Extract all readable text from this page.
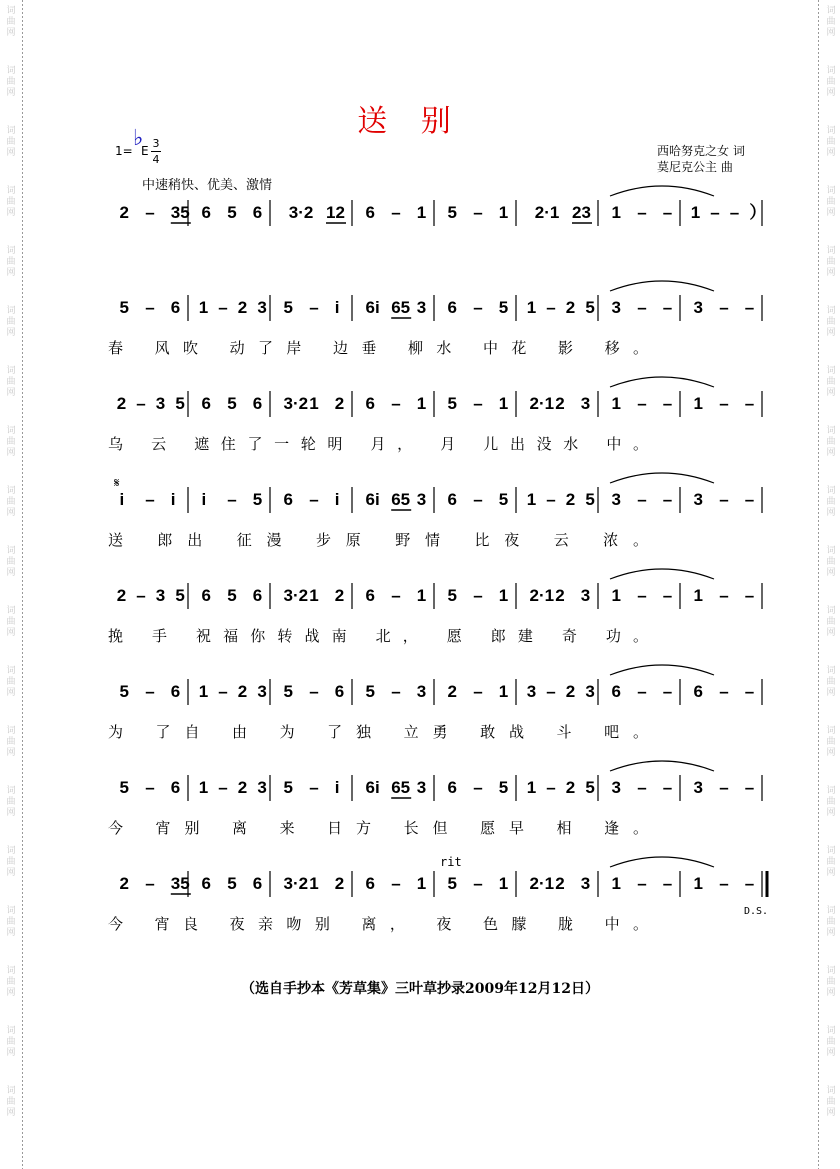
词
曲
网
词
曲
网
词
曲
网
词
曲
网
词
曲
网
词
曲
网
词
曲
网
词
曲
网
词
曲
网
词
曲
网
词
曲
网
词
曲
网
词
曲
网
词
曲
网
词
曲
网
词
曲
网
词
曲
网
词
曲
网
词
曲
网
词
曲
网
词
曲
网
词
曲
网
词
曲
网
词
曲
网
词
曲
网
词
曲
网
词
曲
网
词
曲
网
词
曲
网
词
曲
网
词
曲
网
词
曲
网
词
曲
网
词
曲
网
词
曲
网
词
曲
网
词
曲
网
词
曲
网
送 别
1= ♭
E
3
4
中速稍快、优美、激情
西哈努克之女 词
莫尼克公主 曲
𝄋
rit
D.S.
2 – 35 6 5 6 3·2 12 6 – 1 5 – 1 2·1 23 1 – – 1 – – ）
5 – 6 1 – 2 3 5 – i 6i 65 3 6 – 5 1 – 2 5 3 – – 3 – –
春 风吹 动了岸 边垂 柳水 中花 影 移。
2 – 3 5 6 5 6 3·2 1 2 6 – 1 5 – 1 2·1 2 3 1 – – 1 – –
乌 云 遮住了一轮明 月， 月 儿出没水 中。
i – i i – 5 6 – i 6i 65 3 6 – 5 1 – 2 5 3 – – 3 – –
送 郎出 征漫 步原 野情 比夜 云 浓。
2 – 3 5 6 5 6 3·2 1 2 6 – 1 5 – 1 2·1 2 3 1 – – 1 – –
挽 手 祝福你转战南 北， 愿 郎建 奇 功。
5 – 6 1 – 2 3 5 – 6 5 – 3 2 – 1 3 – 2 3 6 – – 6 – –
为 了自 由 为 了独 立勇 敢战 斗 吧。
5 – 6 1 – 2 3 5 – i 6i 65 3 6 – 5 1 – 2 5 3 – – 3 – –
今 宵别 离 来 日方 长但 愿早 相 逢。
2 – 35 6 5 6 3·2 1 2 6 – 1 5 – 1 2·1 2 3 1 – – 1 – –
今 宵良 夜亲吻别 离， 夜 色朦 胧 中。
（选自手抄本《芳草集》三叶草抄录2009年12月12日）
